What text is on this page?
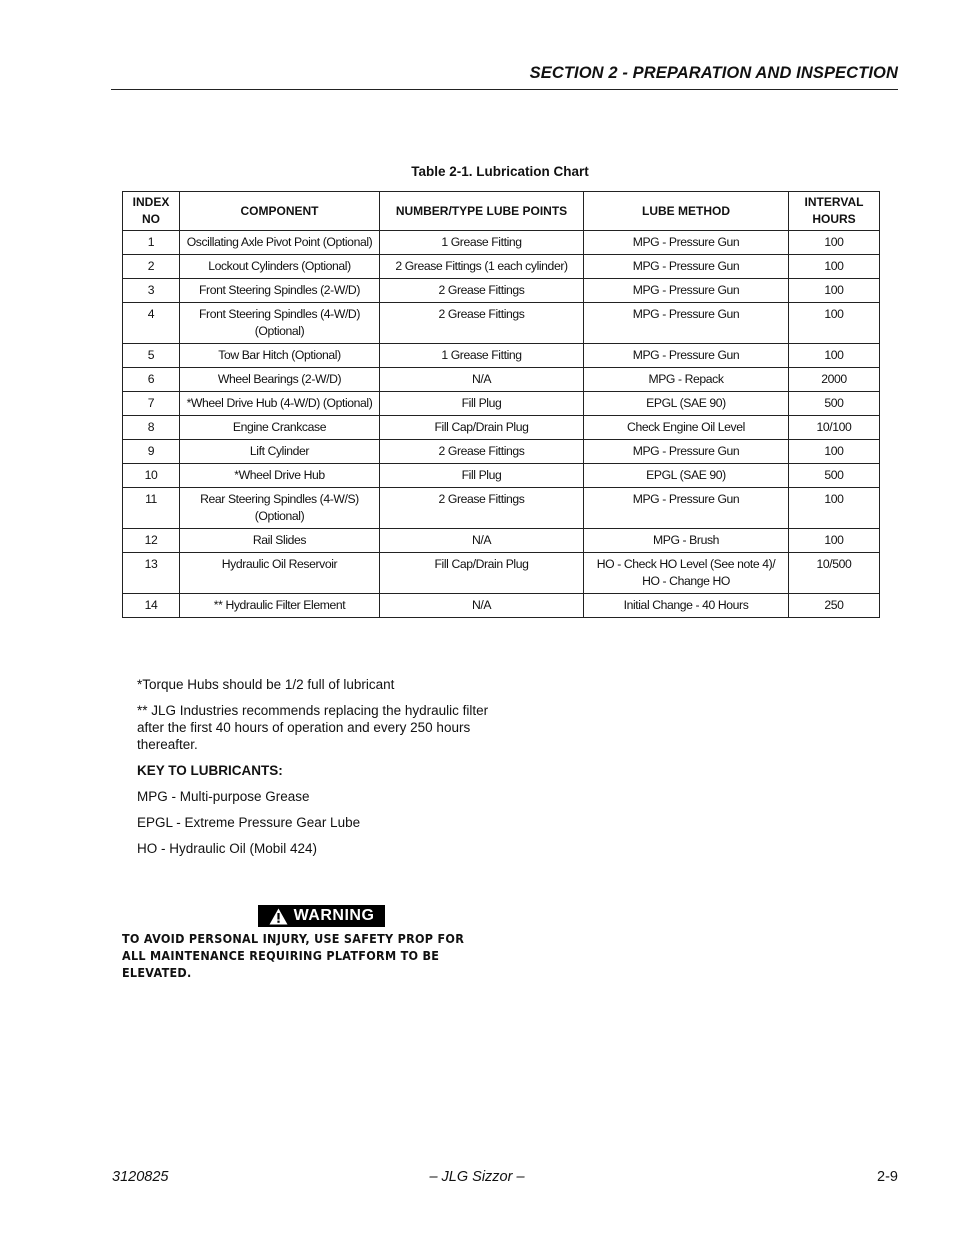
SECTION 2 - PREPARATION AND INSPECTION
Table 2-1. Lubrication Chart
INDEX
NO	COMPONENT	NUMBER/TYPE LUBE POINTS	LUBE METHOD	INTERVAL
HOURS
1	Oscillating Axle Pivot Point (Optional)	1 Grease Fitting	MPG - Pressure Gun	100
2	Lockout Cylinders (Optional)	2 Grease Fittings (1 each cylinder)	MPG - Pressure Gun	100
3	Front Steering Spindles (2-W/D)	2 Grease Fittings	MPG - Pressure Gun	100
4	Front Steering Spindles (4-W/D)
(Optional)	2 Grease Fittings	MPG - Pressure Gun	100
5	Tow Bar Hitch (Optional)	1 Grease Fitting	MPG - Pressure Gun	100
6	Wheel Bearings (2-W/D)	N/A	MPG - Repack	2000
7	*Wheel Drive Hub (4-W/D) (Optional)	Fill Plug	EPGL (SAE 90)	500
8	Engine Crankcase	Fill Cap/Drain Plug	Check Engine Oil Level	10/100
9	Lift Cylinder	2 Grease Fittings	MPG - Pressure Gun	100
10	*Wheel Drive Hub	Fill Plug	EPGL (SAE 90)	500
11	Rear Steering Spindles (4-W/S)
(Optional)	2 Grease Fittings	MPG - Pressure Gun	100
12	Rail Slides	N/A	MPG - Brush	100
13	Hydraulic Oil Reservoir	Fill Cap/Drain Plug	HO - Check HO Level (See note 4)/
HO - Change HO	10/500
14	** Hydraulic Filter Element	N/A	Initial Change - 40 Hours	250

*Torque Hubs should be 1/2 full of lubricant

** JLG Industries recommends replacing the hydraulic filter after the first 40 hours of operation and every 250 hours thereafter.

KEY TO LUBRICANTS:

MPG - Multi-purpose Grease

EPGL - Extreme Pressure Gear Lube

HO - Hydraulic Oil (Mobil 424)

WARNING
TO AVOID PERSONAL INJURY, USE SAFETY PROP FOR ALL MAINTENANCE REQUIRING PLATFORM TO BE ELEVATED.
3120825	– JLG Sizzor –	2-9
